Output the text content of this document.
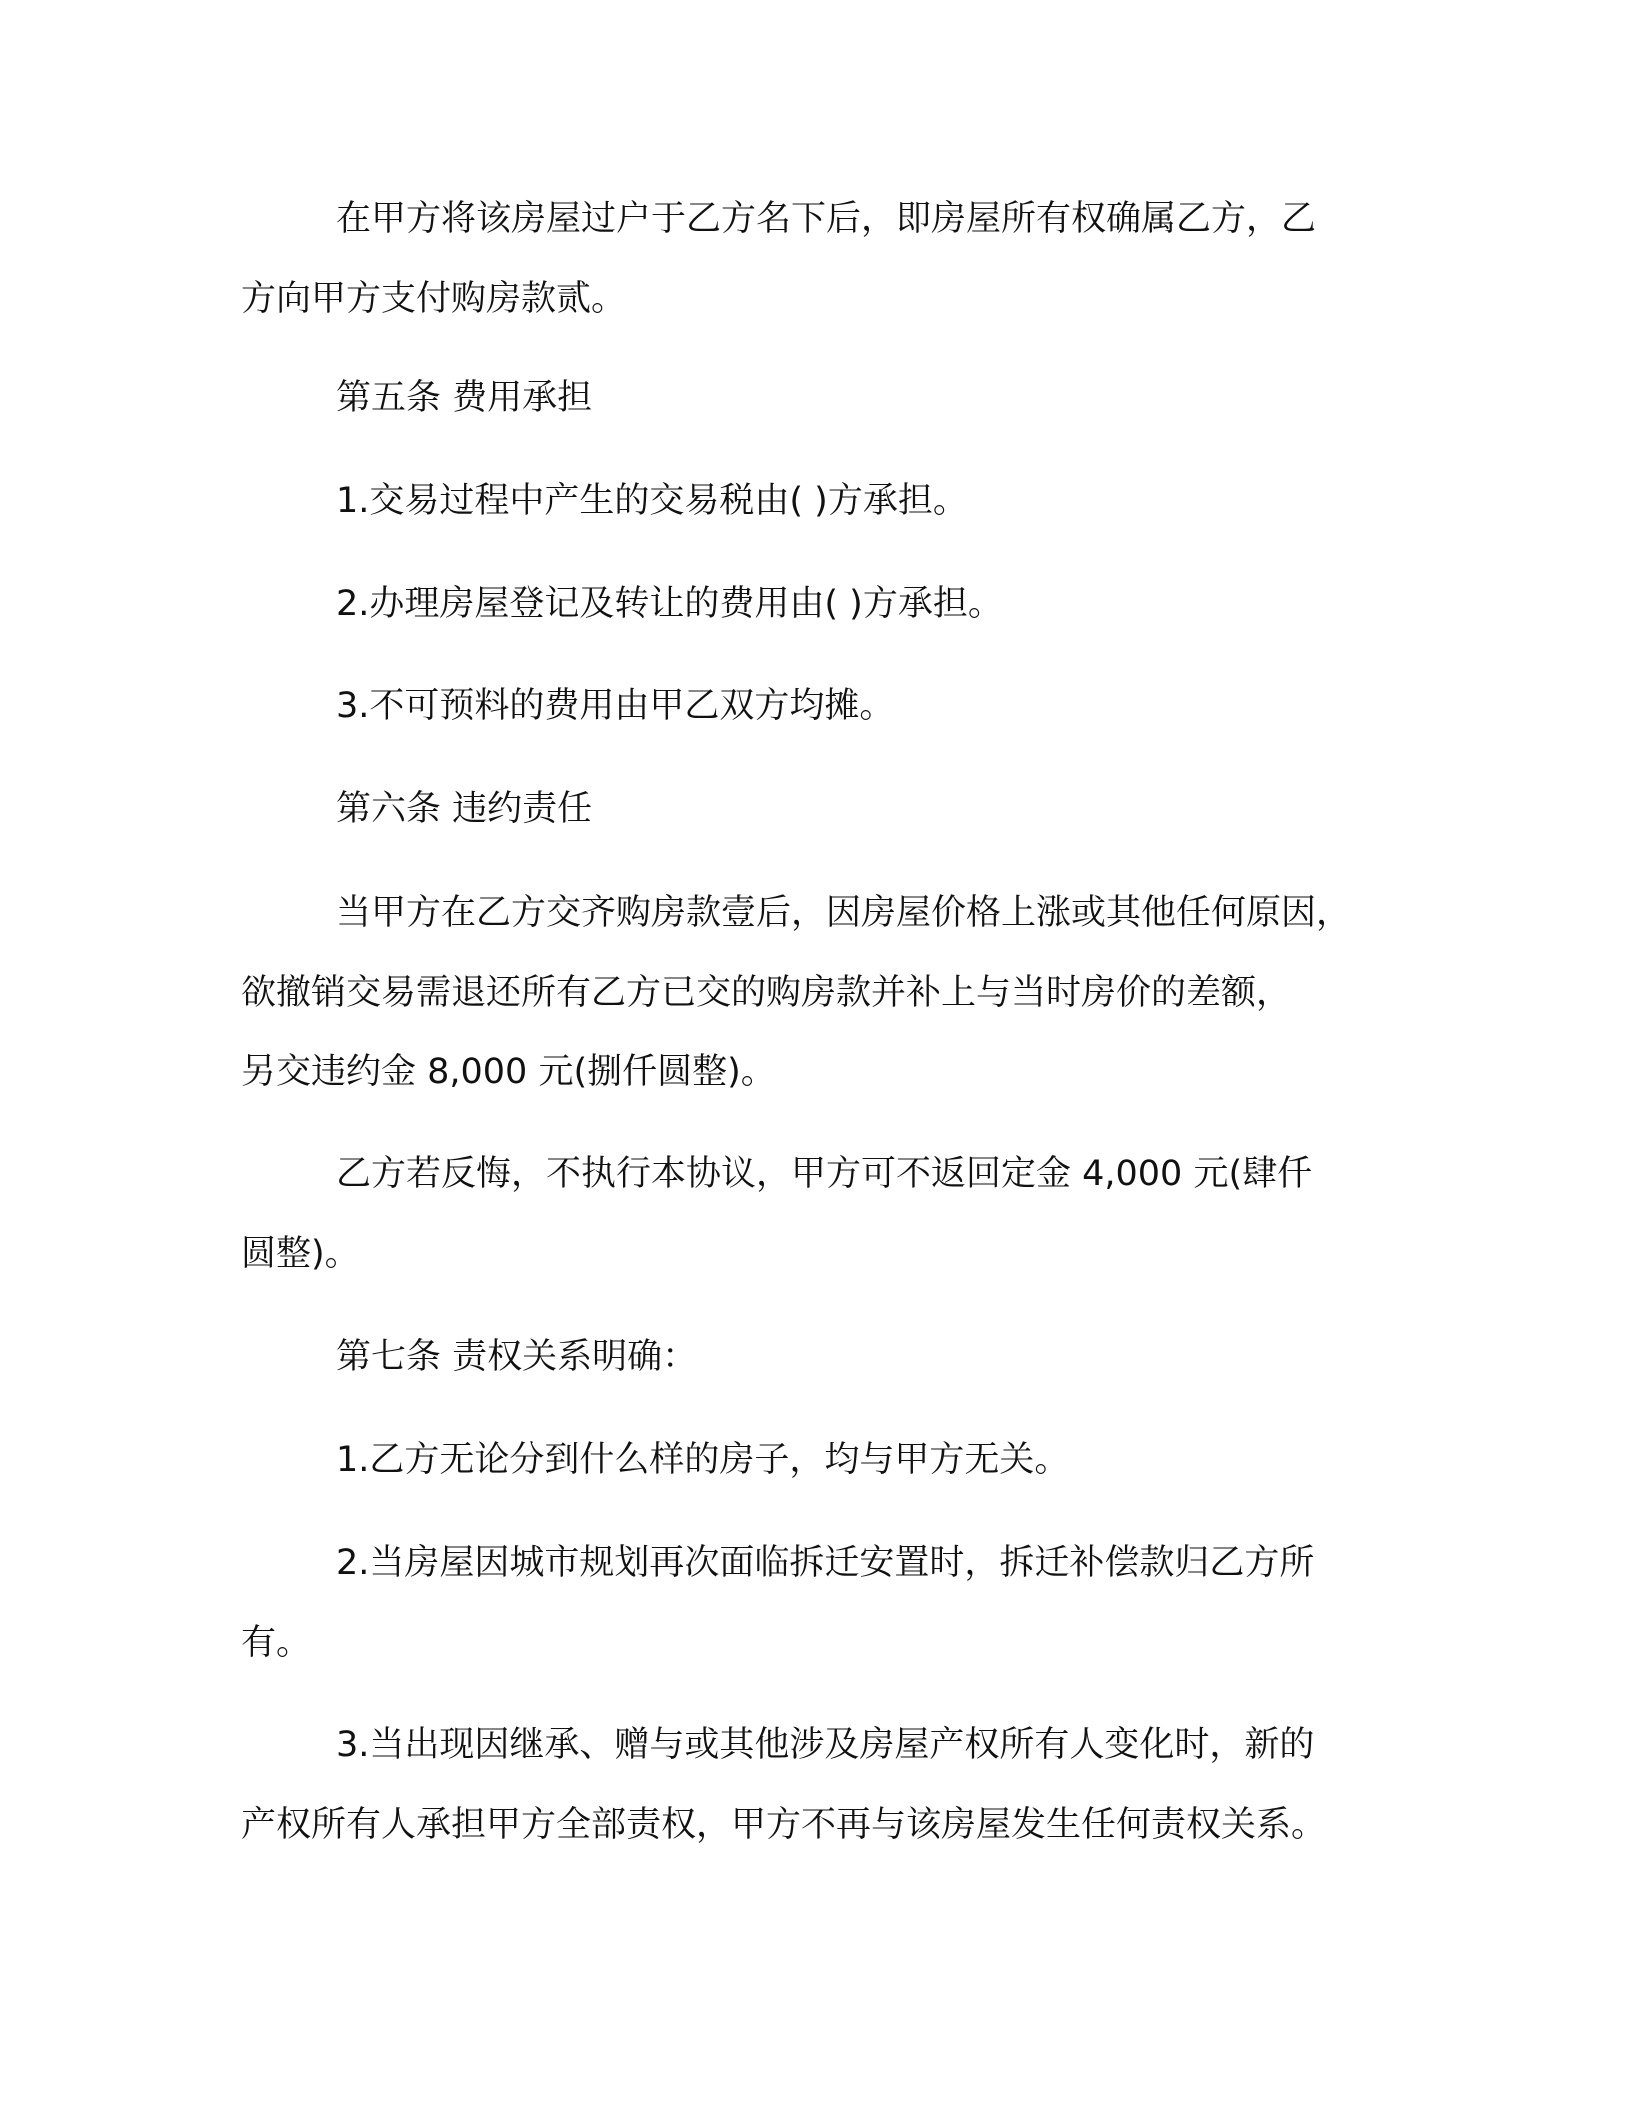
在甲方将该房屋过户于乙方名下后，即房屋所有权确属乙方，乙
方向甲方支付购房款贰。
第五条 费用承担
1.交易过程中产生的交易税由( )方承担。
2.办理房屋登记及转让的费用由( )方承担。
3.不可预料的费用由甲乙双方均摊。
第六条 违约责任
当甲方在乙方交齐购房款壹后，因房屋价格上涨或其他任何原因，
欲撤销交易需退还所有乙方已交的购房款并补上与当时房价的差额，
另交违约金 8,000 元(捌仟圆整)。
乙方若反悔，不执行本协议，甲方可不返回定金 4,000 元(肆仟
圆整)。
第七条 责权关系明确：
1.乙方无论分到什么样的房子，均与甲方无关。
2.当房屋因城市规划再次面临拆迁安置时，拆迁补偿款归乙方所
有。
3.当出现因继承、赠与或其他涉及房屋产权所有人变化时，新的
产权所有人承担甲方全部责权，甲方不再与该房屋发生任何责权关系。
